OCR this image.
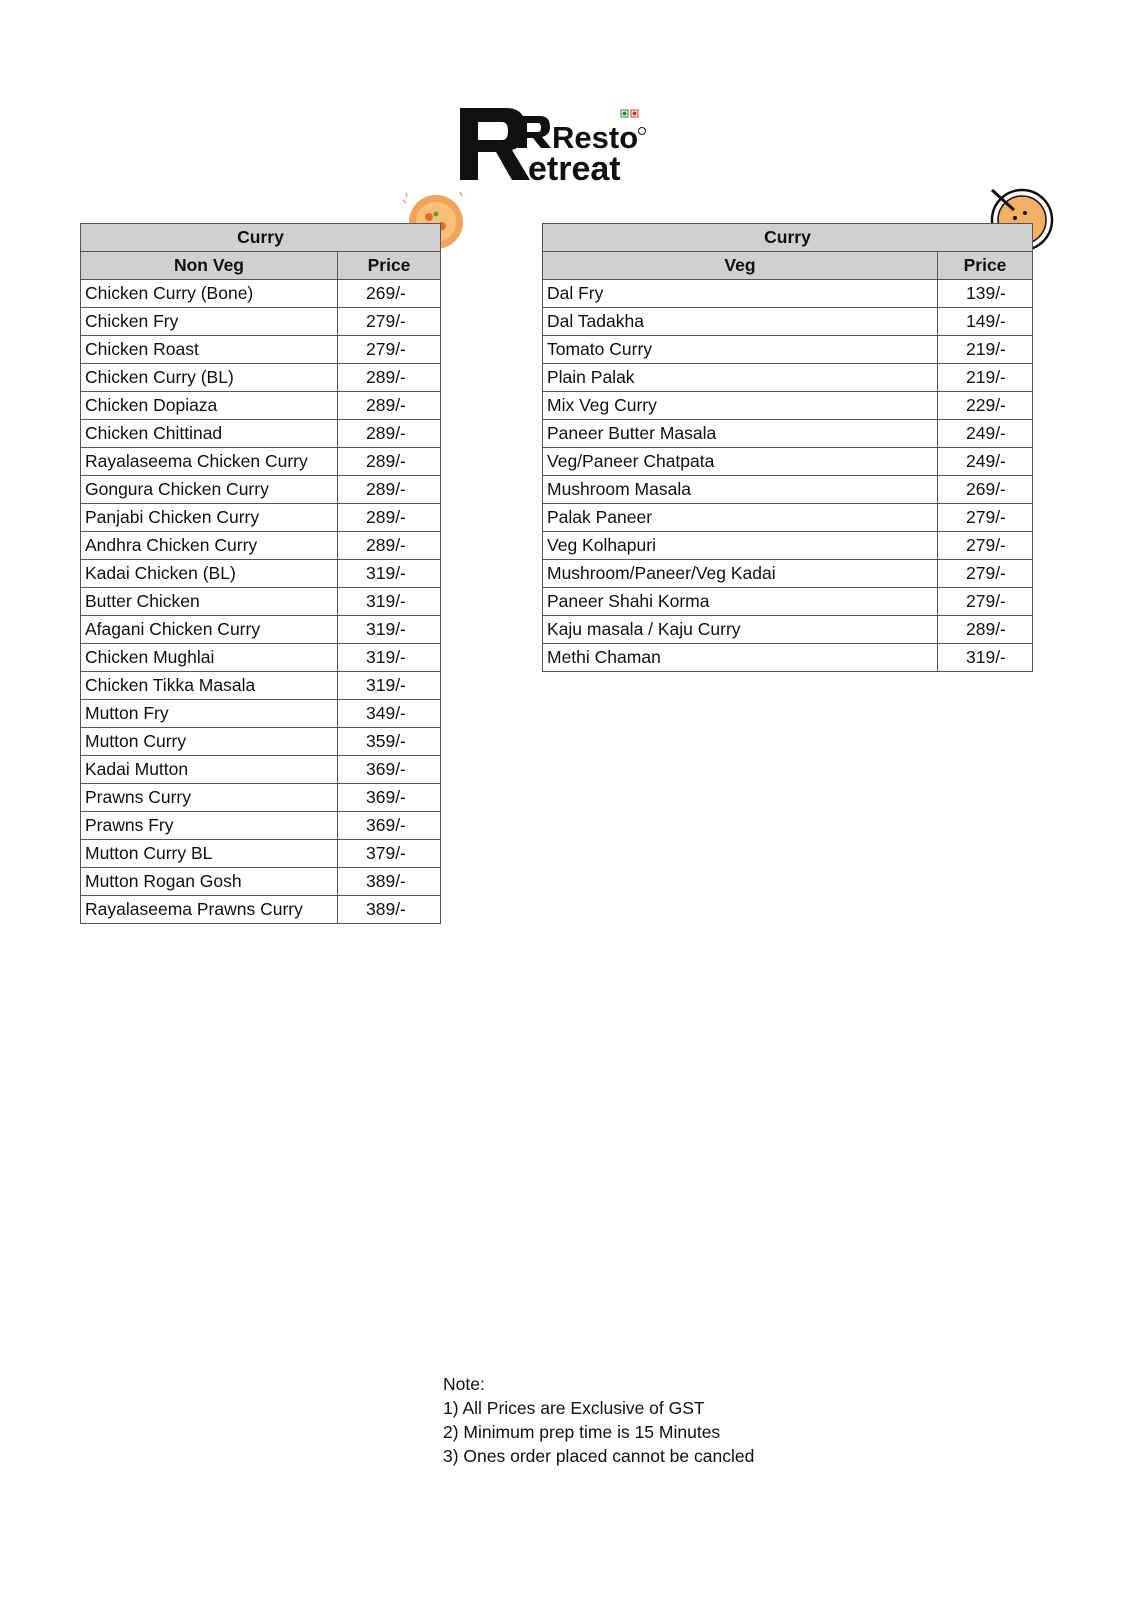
Resto
etreat
Curry	
Non Veg	Price
Chicken Curry (Bone)	269/-
Chicken Fry	279/-
Chicken Roast	279/-
Chicken Curry (BL)	289/-
Chicken Dopiaza	289/-
Chicken Chittinad	289/-
Rayalaseema Chicken Curry	289/-
Gongura Chicken Curry	289/-
Panjabi Chicken Curry	289/-
Andhra Chicken Curry	289/-
Kadai Chicken (BL)	319/-
Butter Chicken	319/-
Afagani Chicken Curry	319/-
Chicken Mughlai	319/-
Chicken Tikka Masala	319/-
Mutton Fry	349/-
Mutton Curry	359/-
Kadai Mutton	369/-
Prawns Curry	369/-
Prawns Fry	369/-
Mutton Curry BL	379/-
Mutton Rogan Gosh	389/-
Rayalaseema Prawns Curry	389/-
Curry	
Veg	Price
Dal Fry	139/-
Dal Tadakha	149/-
Tomato Curry	219/-
Plain Palak	219/-
Mix Veg Curry	229/-
Paneer Butter Masala	249/-
Veg/Paneer Chatpata	249/-
Mushroom Masala	269/-
Palak Paneer	279/-
Veg Kolhapuri	279/-
Mushroom/Paneer/Veg Kadai	279/-
Paneer Shahi Korma	279/-
Kaju masala / Kaju Curry	289/-
Methi Chaman	319/-
Note:
1) All Prices are Exclusive of GST
2) Minimum prep time is 15 Minutes
3) Ones order placed cannot be cancled
